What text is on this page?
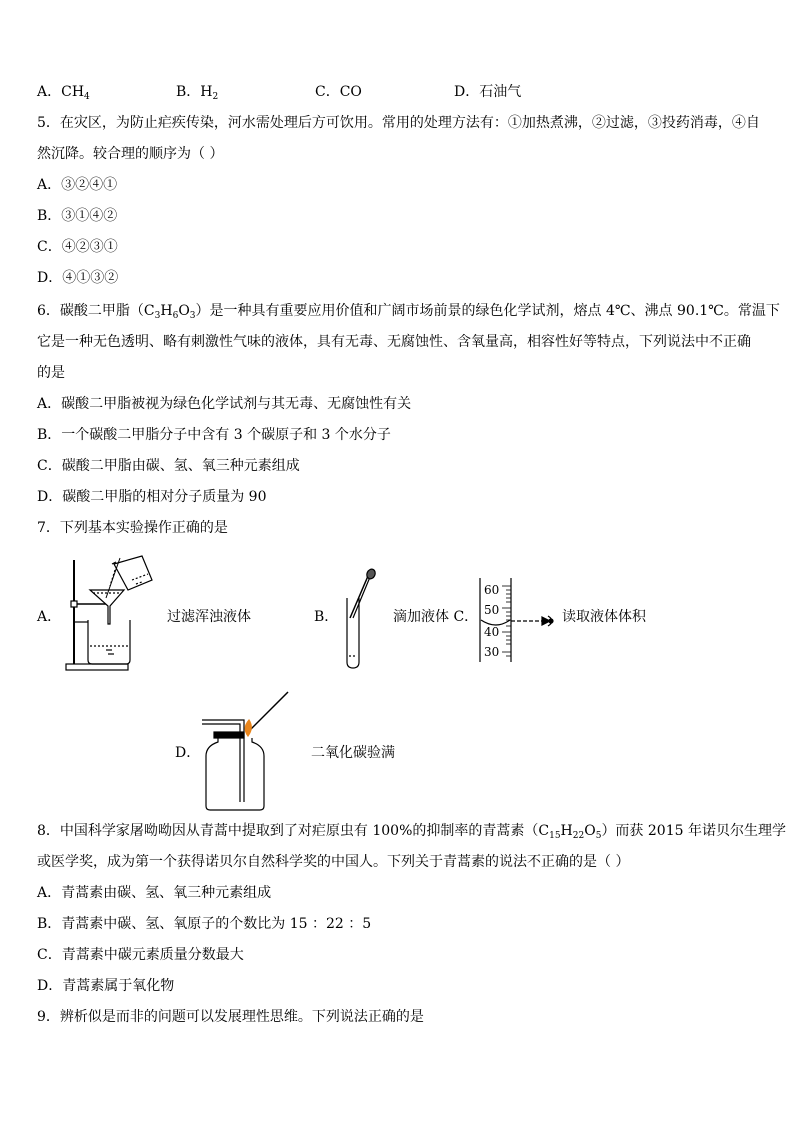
A．$CH_4$	B．$H_2$	C．CO	D．石油气
5．在灾区，为防止疟疾传染，河水需处理后方可饮用。常用的处理方法有：①加热煮沸，②过滤，③投药消毒，④自
然沉降。较合理的顺序为（ ）
A．③②④①
B．③①④②
C．④②③①
D．④①③②
6．碳酸二甲脂$(C_3H_6O_3)$是一种具有重要应用价值和广阔市场前景的绿色化学试剂，熔点 4℃、沸点 90.1℃。常温下
它是一种无色透明、略有刺激性气味的液体，具有无毒、无腐蚀性、含氧量高，相容性好等特点，下列说法中不正确
的是
A．碳酸二甲脂被视为绿色化学试剂与其无毒、无腐蚀性有关
B．一个碳酸二甲脂分子中含有 3 个碳原子和 3 个水分子
C．碳酸二甲脂由碳、氢、氧三种元素组成
D．碳酸二甲脂的相对分子质量为 90
7．下列基本实验操作正确的是
A．	过滤浑浊液体	B．	滴加液体 C．
60
50
40
30
读取液体体积
D．	二氧化碳验满
8．中国科学家屠呦呦因从青蒿中提取到了对疟原虫有 100%的抑制率的青蒿素$(C_{15}H_{22}O_5)$而获 2015 年诺贝尔生理学
或医学奖，成为第一个获得诺贝尔自然科学奖的中国人。下列关于青蒿素的说法不正确的是（ ）
A．青蒿素由碳、氢、氧三种元素组成
B．青蒿素中碳、氢、氧原子的个数比为 15 ：22 ：5
C．青蒿素中碳元素质量分数最大
D．青蒿素属于氧化物
9．辨析似是而非的问题可以发展理性思维。下列说法正确的是
